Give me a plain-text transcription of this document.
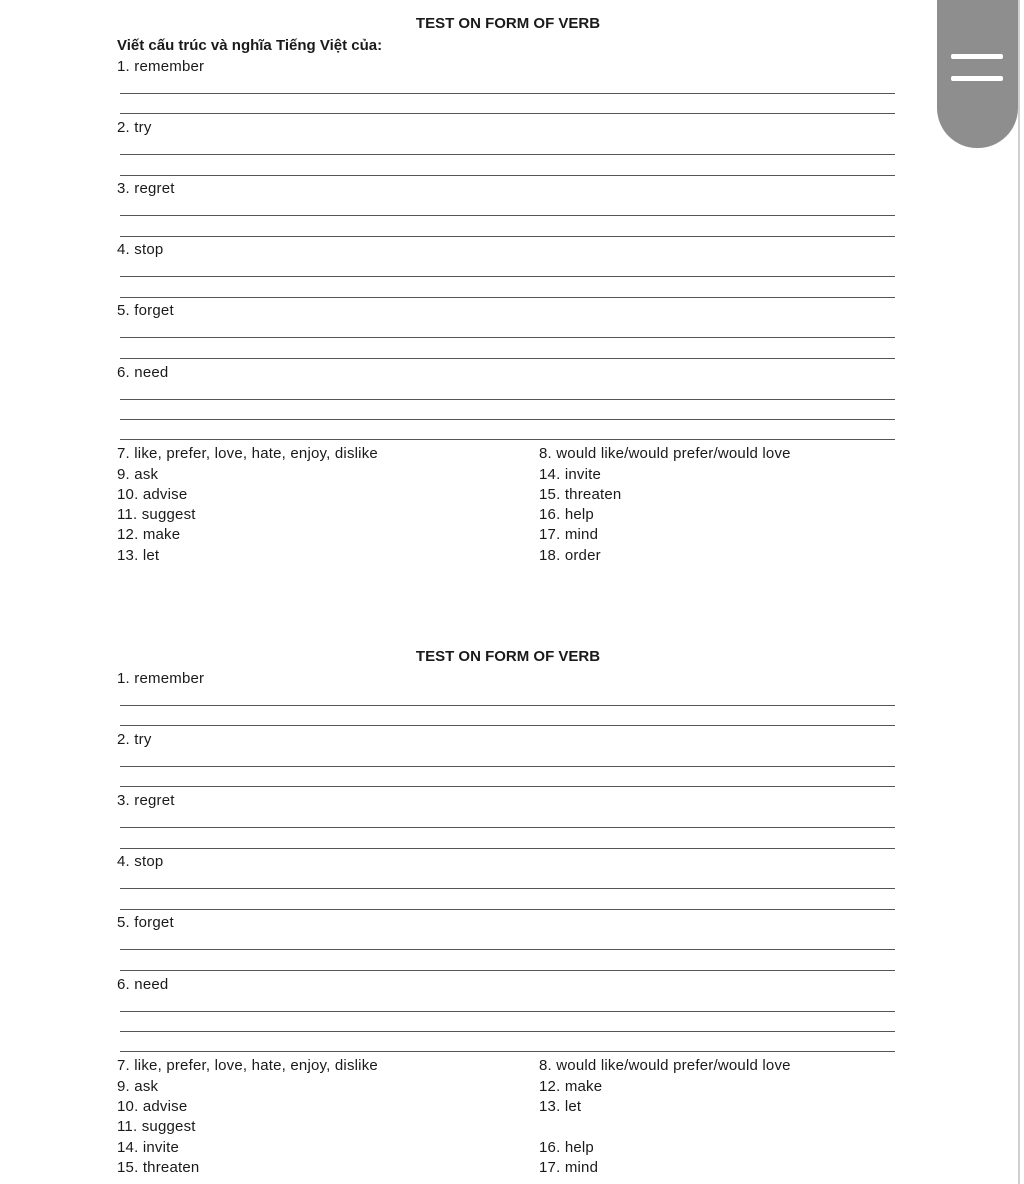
TEST ON FORM OF VERB
Viết cấu trúc và nghĩa Tiếng Việt của:
1. remember
2. try
3. regret
4. stop
5. forget
6. need
7. like, prefer, love, hate, enjoy, dislike
9. ask
10. advise
11. suggest
12. make
13. let
8. would like/would prefer/would love
14. invite
15. threaten
16. help
17. mind
18. order
TEST ON FORM OF VERB
1. remember
2. try
3. regret
4. stop
5. forget
6. need
7. like, prefer, love, hate, enjoy, dislike
9. ask
10. advise
11. suggest
14. invite
15. threaten
8. would like/would prefer/would love
12. make
13. let
16. help
17. mind
